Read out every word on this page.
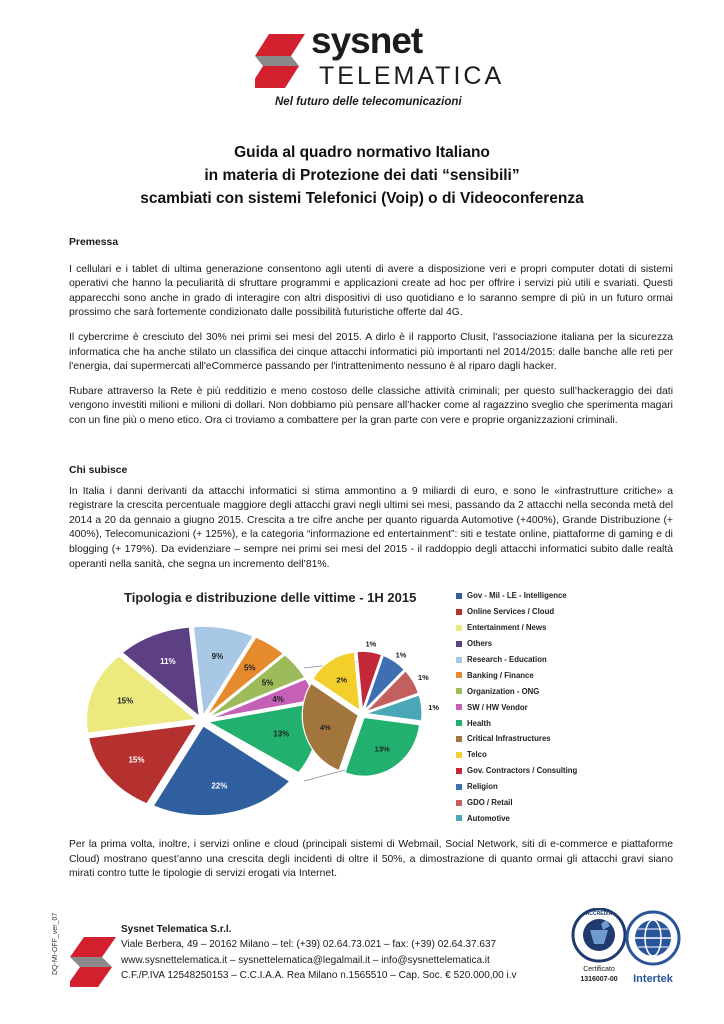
sysnet
TELEMATICA
Nel futuro delle telecomunicazioni
Guida al quadro normativo Italiano
in materia di Protezione dei dati “sensibili”
scambiati con sistemi Telefonici (Voip) o di Videoconferenza
Premessa

I cellulari e i tablet di ultima generazione consentono agli utenti di avere a disposizione veri e propri computer dotati di sistemi operativi che hanno la peculiarità di sfruttare programmi e applicazioni create ad hoc per offrire i servizi più utili e svariati. Questi apparecchi sono anche in grado di interagire con altri dispositivi di uso quotidiano e lo saranno sempre di più in un futuro ormai prossimo che sarà fortemente condizionato dalle possibilità futuristiche offerte dal 4G.

Il cybercrime è cresciuto del 30% nei primi sei mesi del 2015. A dirlo è il rapporto Clusit, l'associazione italiana per la sicurezza informatica che ha anche stilato un classifica dei cinque attacchi informatici più importanti nel 2014/2015: dalle banche alle reti per l'energia, dai supermercati all'eCommerce passando per l'intrattenimento nessuno è al riparo dagli hacker.

Rubare attraverso la Rete è più redditizio e meno costoso delle classiche attività criminali; per questo sull’hackeraggio dei dati vengono investiti milioni e milioni di dollari. Non dobbiamo più pensare all’hacker come al ragazzino sveglio che sperimenta magari con un fine più o meno etico. Ora ci troviamo a combattere per la gran parte con vere e proprie organizzazioni criminali.

Chi subisce

In Italia i danni derivanti da attacchi informatici si stima ammontino a 9 miliardi di euro, e sono le «infrastrutture critiche» a registrare la crescita percentuale maggiore degli attacchi gravi negli ultimi sei mesi, passando da 2 attacchi nella seconda metà del 2014 a 20 da gennaio a giugno 2015. Crescita a tre cifre anche per quanto riguarda Automotive (+400%), Grande Distribuzione (+ 400%), Telecomunicazioni (+ 125%), e la categoria “informazione ed entertainment”: siti e testate online, piattaforme di gaming e di blogging (+ 179%). Da evidenziare – sempre nei primi sei mesi del 2015 - il raddoppio degli attacchi informatici subito dalle realtà operanti nella sanità, che segna un incremento dell’81%.

Tipologia e distribuzione delle vittime - 1H 2015
22%
15%
15%
11%
9%
5%
5%
4%
13%
4%
2%
1%
1%
1%
1%
13%
Gov - Mil - LE - Intelligence
Online Services / Cloud
Entertainment / News
Others
Research - Education
Banking / Finance
Organization - ONG
SW / HW Vendor
Health
Critical Infrastructures
Telco
Gov. Contractors / Consulting
Religion
GDO / Retail
Automotive

Per la prima volta, inoltre, i servizi online e cloud (principali sistemi di Webmail, Social Network, siti di e-commerce e piattaforme Cloud) mostrano quest’anno una crescita degli incidenti di oltre il 50%, a dimostrazione di quanto ormai gli attacchi gravi siano mirati contro tutte le tipologie di servizi erogati via Internet.

DQ-MI-OFF_ver_07	Sysnet Telematica S.r.l.
Viale Berbera, 49 – 20162 Milano – tel: (+39) 02.64.73.021 – fax: (+39) 02.64.37.637
www.sysnettelematica.it – sysnettelematica@legalmail.it – info@sysnettelematica.it
C.F./P.IVA 12548250153 – C.C.I.A.A. Rea Milano n.1565510 – Cap. Soc. € 520.000,00 i.v
ACCREDIA
Certificato
1316007-00	Intertek
